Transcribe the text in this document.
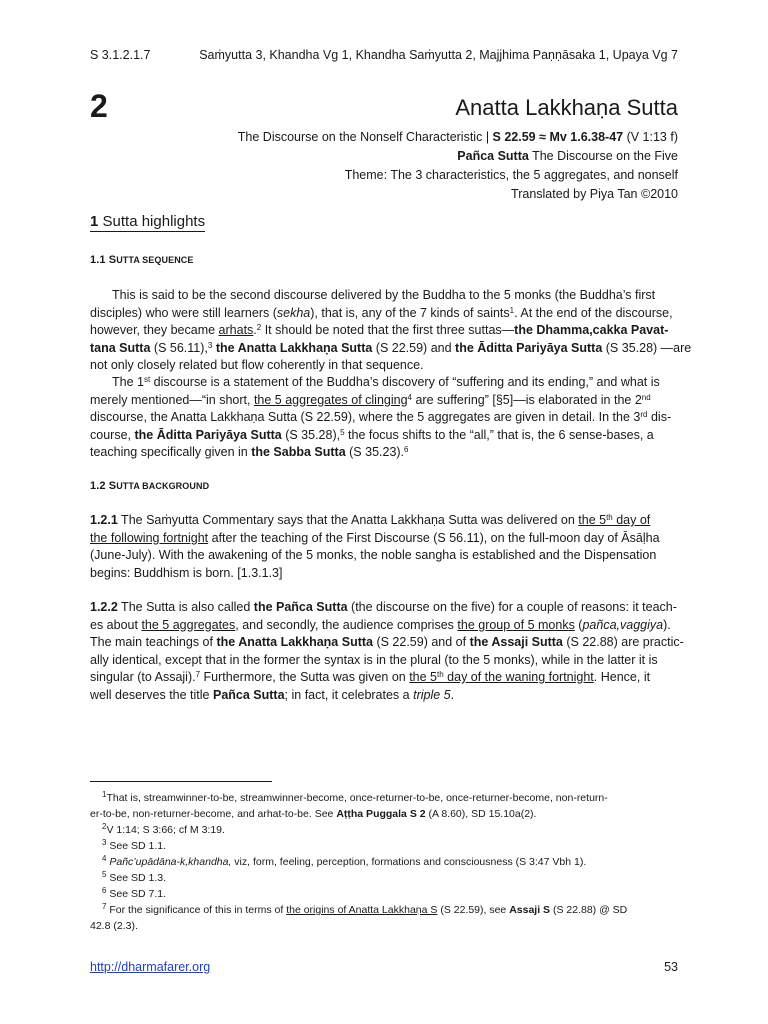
S 3.1.2.1.7	Saṁyutta 3, Khandha Vg 1, Khandha Saṁyutta 2, Majjhima Paṇṇāsaka 1, Upaya Vg 7
2	Anatta Lakkhaṇa Sutta
The Discourse on the Nonself Characteristic | S 22.59 ≈ Mv 1.6.38-47 (V 1:13 f)
Pañca Sutta The Discourse on the Five
Theme: The 3 characteristics, the 5 aggregates, and nonself
Translated by Piya Tan ©2010
1 Sutta highlights
1.1 SUTTA SEQUENCE

This is said to be the second discourse delivered by the Buddha to the 5 monks (the Buddha’s first
disciples) who were still learners (sekha), that is, any of the 7 kinds of saints$^1$. At the end of the discourse,
however, they became arhats.$^2$ It should be noted that the first three suttas—the Dhamma,cakka Pavat-
tana Sutta (S 56.11),$^3$ the Anatta Lakkhaṇa Sutta (S 22.59) and the Āditta Pariyāya Sutta (S 35.28) —are
not only closely related but flow coherently in that sequence.

The 1st discourse is a statement of the Buddha’s discovery of “suffering and its ending,” and what is
merely mentioned—“in short, the 5 aggregates of clinging$^4$ are suffering” [§5]—is elaborated in the 2nd
discourse, the Anatta Lakkhaṇa Sutta (S 22.59), where the 5 aggregates are given in detail. In the 3rd dis-
course, the Āditta Pariyāya Sutta (S 35.28),$^5$ the focus shifts to the “all,” that is, the 6 sense-bases, a
teaching specifically given in the Sabba Sutta (S 35.23).$^6$

1.2 SUTTA BACKGROUND

1.2.1 The Saṁyutta Commentary says that the Anatta Lakkhaṇa Sutta was delivered on the 5th day of
the following fortnight after the teaching of the First Discourse (S 56.11), on the full-moon day of Āsāḷha
(June-July). With the awakening of the 5 monks, the noble sangha is established and the Dispensation
begins: Buddhism is born. [1.3.1.3]

1.2.2 The Sutta is also called the Pañca Sutta (the discourse on the five) for a couple of reasons: it teach-
es about the 5 aggregates, and secondly, the audience comprises the group of 5 monks (pañca,vaggiya).
The main teachings of the Anatta Lakkhaṇa Sutta (S 22.59) and of the Assaji Sutta (S 22.88) are practic-
ally identical, except that in the former the syntax is in the plural (to the 5 monks), while in the latter it is
singular (to Assaji).$^7$ Furthermore, the Sutta was given on the 5th day of the waning fortnight. Hence, it
well deserves the title Pañca Sutta; in fact, it celebrates a triple 5.

$^1$That is, streamwinner-to-be, streamwinner-become, once-returner-to-be, once-returner-become, non-return-
er-to-be, non-returner-become, and arhat-to-be. See Aṭṭha Puggala S 2 (A 8.60), SD 15.10a(2).
$^2$V 1:14; S 3:66; cf M 3:19.
$^3$ See SD 1.1.
$^4$ Pañc’upādāna-k,khandha, viz, form, feeling, perception, formations and consciousness (S 3:47 Vbh 1).
$^5$ See SD 1.3.
$^6$ See SD 7.1.
$^7$ For the significance of this in terms of the origins of Anatta Lakkhaṇa S (S 22.59), see Assaji S (S 22.88) @ SD
42.8 (2.3).
http://dharmafarer.org	53
